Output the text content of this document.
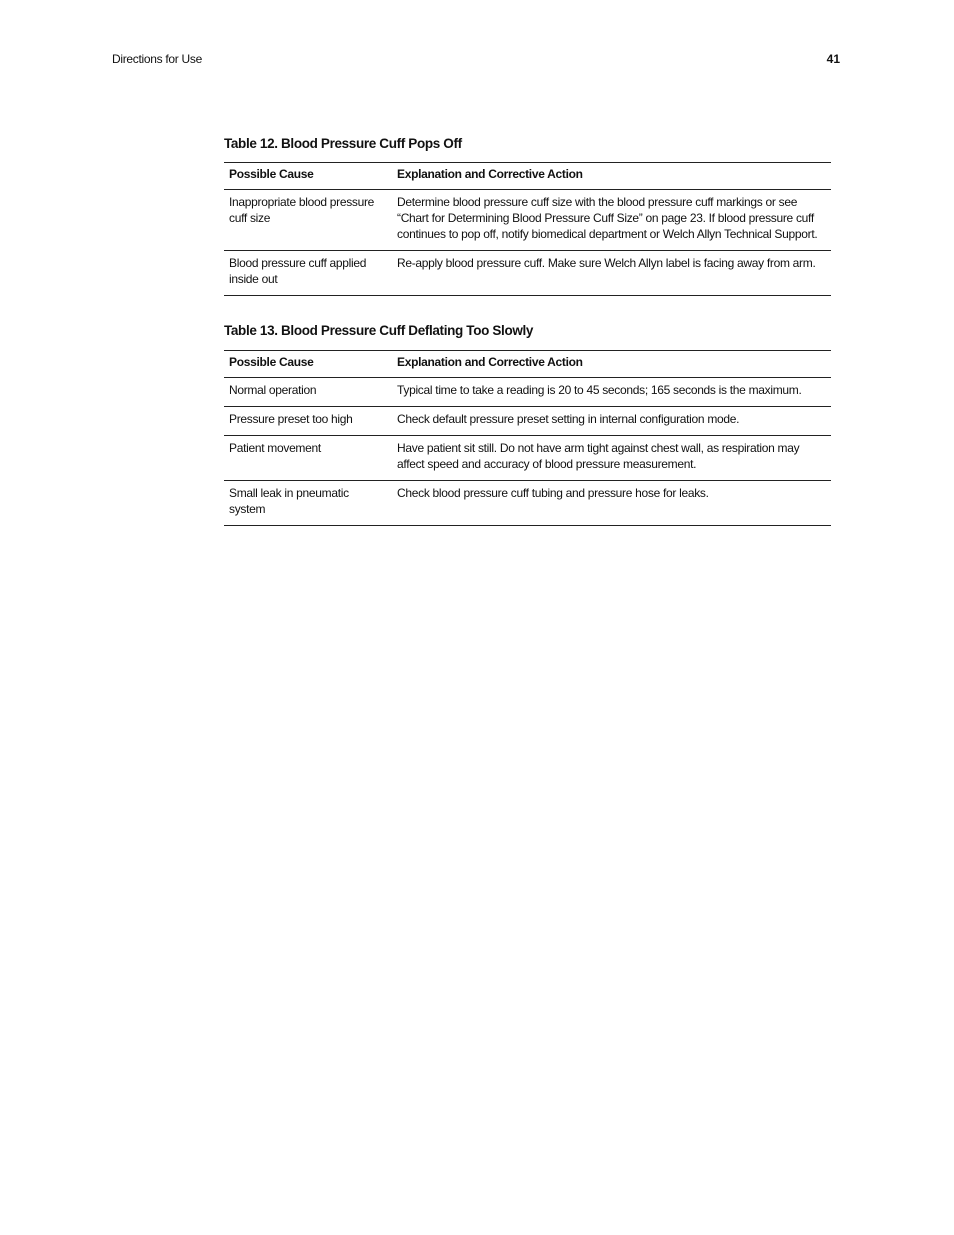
Directions for Use	41
Table 12. Blood Pressure Cuff Pops Off
Possible Cause	Explanation and Corrective Action
Inappropriate blood pressure cuff size	Determine blood pressure cuff size with the blood pressure cuff markings or see “Chart for Determining Blood Pressure Cuff Size” on page 23. If blood pressure cuff continues to pop off, notify biomedical department or Welch Allyn Technical Support.
Blood pressure cuff applied inside out	Re-apply blood pressure cuff. Make sure Welch Allyn label is facing away from arm.
Table 13. Blood Pressure Cuff Deflating Too Slowly
Possible Cause	Explanation and Corrective Action
Normal operation	Typical time to take a reading is 20 to 45 seconds; 165 seconds is the maximum.
Pressure preset too high	Check default pressure preset setting in internal configuration mode.
Patient movement	Have patient sit still. Do not have arm tight against chest wall, as respiration may affect speed and accuracy of blood pressure measurement.
Small leak in pneumatic system	Check blood pressure cuff tubing and pressure hose for leaks.
